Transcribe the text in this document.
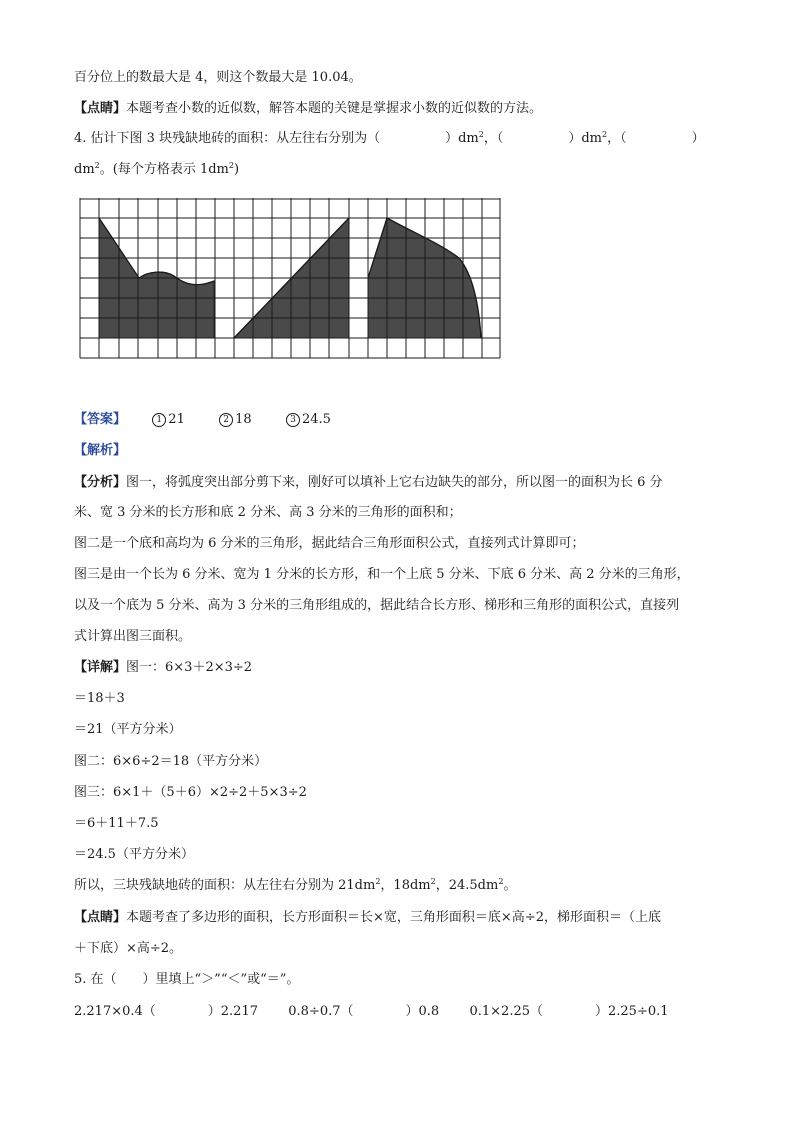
百分位上的数最大是 4，则这个数最大是 10.04。
【点睛】本题考查小数的近似数，解答本题的关键是掌握求小数的近似数的方法。
4. 估计下图 3 块残缺地砖的面积：从左往右分别为（　　　　　）$dm^2$，（　　　　　）$dm^2$，（　　　　　）
$dm^2$。(每个方格表示 $1dm^2$)
【答案】	1 21	2 18	3 24.5
【解析】
【分析】图一，将弧度突出部分剪下来，刚好可以填补上它右边缺失的部分，所以图一的面积为长 6 分
米、宽 3 分米的长方形和底 2 分米、高 3 分米的三角形的面积和；
图二是一个底和高均为 6 分米的三角形，据此结合三角形面积公式，直接列式计算即可；
图三是由一个长为 6 分米、宽为 1 分米的长方形，和一个上底 5 分米、下底 6 分米、高 2 分米的三角形，
以及一个底为 5 分米、高为 3 分米的三角形组成的，据此结合长方形、梯形和三角形的面积公式，直接列
式计算出图三面积。
【详解】图一：6×3＋2×3÷2
＝18＋3
＝21（平方分米）
图二：6×6÷2＝18（平方分米）
图三：6×1＋（5＋6）×2÷2＋5×3÷2
＝6＋11＋7.5
＝24.5（平方分米）
所以，三块残缺地砖的面积：从左往右分别为 $21dm^2$，$18dm^2$，$24.5dm^2$。
【点睛】本题考查了多边形的面积，长方形面积＝长×宽，三角形面积＝底×高÷2，梯形面积＝（上底
＋下底）×高÷2。
5. 在（　　）里填上“＞”“＜”或“＝”。
2.217×0.4（　　　　）2.217 0.8÷0.7（　　　　）0.8 0.1×2.25（　　　　）2.25÷0.1
